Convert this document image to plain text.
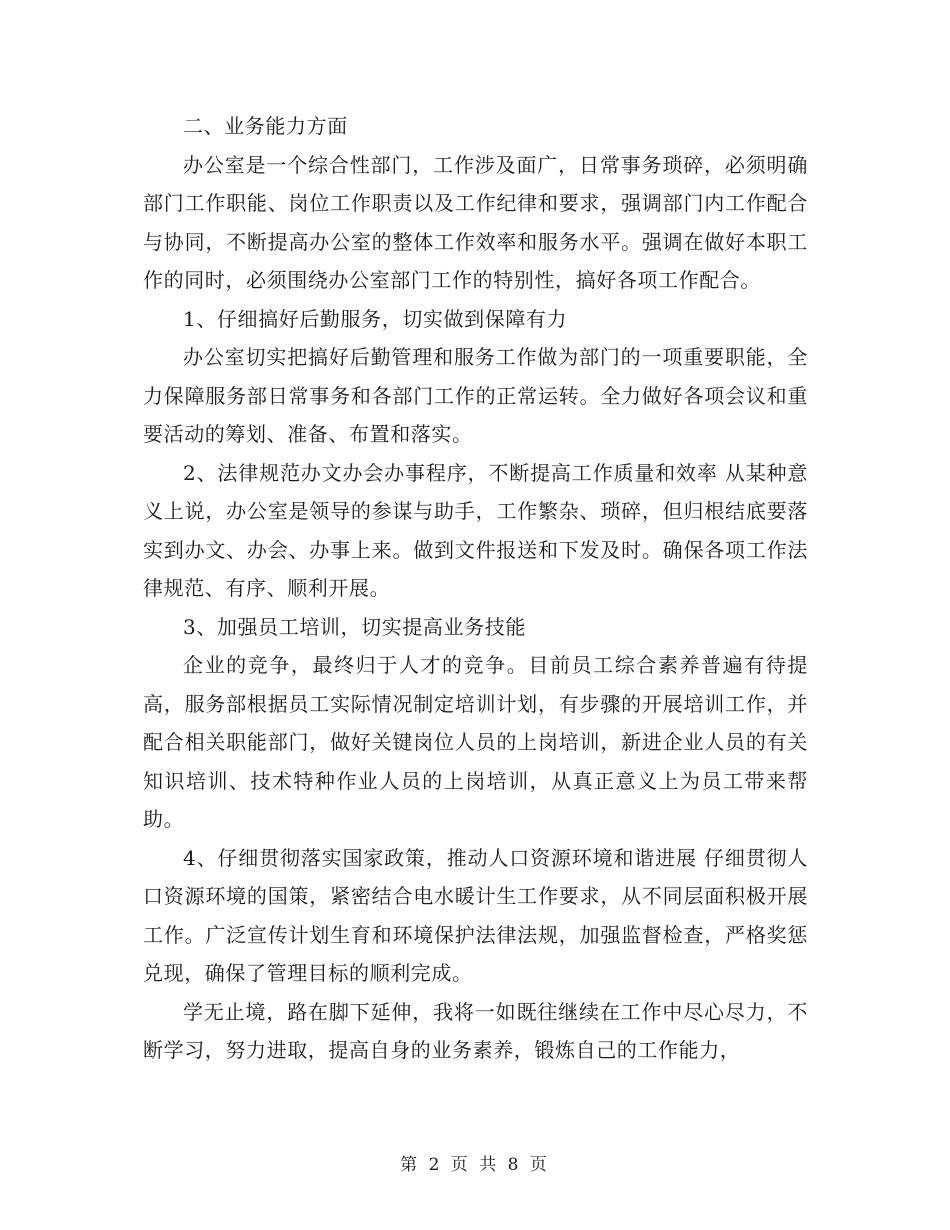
二、业务能力方面

办公室是一个综合性部门，工作涉及面广，日常事务琐碎，必须明确部门工作职能、岗位工作职责以及工作纪律和要求，强调部门内工作配合与协同，不断提高办公室的整体工作效率和服务水平。强调在做好本职工作的同时，必须围绕办公室部门工作的特别性，搞好各项工作配合。

1、仔细搞好后勤服务，切实做到保障有力

办公室切实把搞好后勤管理和服务工作做为部门的一项重要职能，全力保障服务部日常事务和各部门工作的正常运转。全力做好各项会议和重要活动的筹划、准备、布置和落实。

2、法律规范办文办会办事程序，不断提高工作质量和效率 从某种意义上说，办公室是领导的参谋与助手，工作繁杂、琐碎，但归根结底要落实到办文、办会、办事上来。做到文件报送和下发及时。确保各项工作法律规范、有序、顺利开展。

3、加强员工培训，切实提高业务技能

企业的竞争，最终归于人才的竞争。目前员工综合素养普遍有待提高，服务部根据员工实际情况制定培训计划，有步骤的开展培训工作，并配合相关职能部门，做好关键岗位人员的上岗培训，新进企业人员的有关知识培训、技术特种作业人员的上岗培训，从真正意义上为员工带来帮助。

4、仔细贯彻落实国家政策，推动人口资源环境和谐进展 仔细贯彻人口资源环境的国策，紧密结合电水暖计生工作要求，从不同层面积极开展工作。广泛宣传计划生育和环境保护法律法规，加强监督检查，严格奖惩兑现，确保了管理目标的顺利完成。

学无止境，路在脚下延伸，我将一如既往继续在工作中尽心尽力，不断学习，努力进取，提高自身的业务素养，锻炼自己的工作能力，

第 2 页 共 8 页
